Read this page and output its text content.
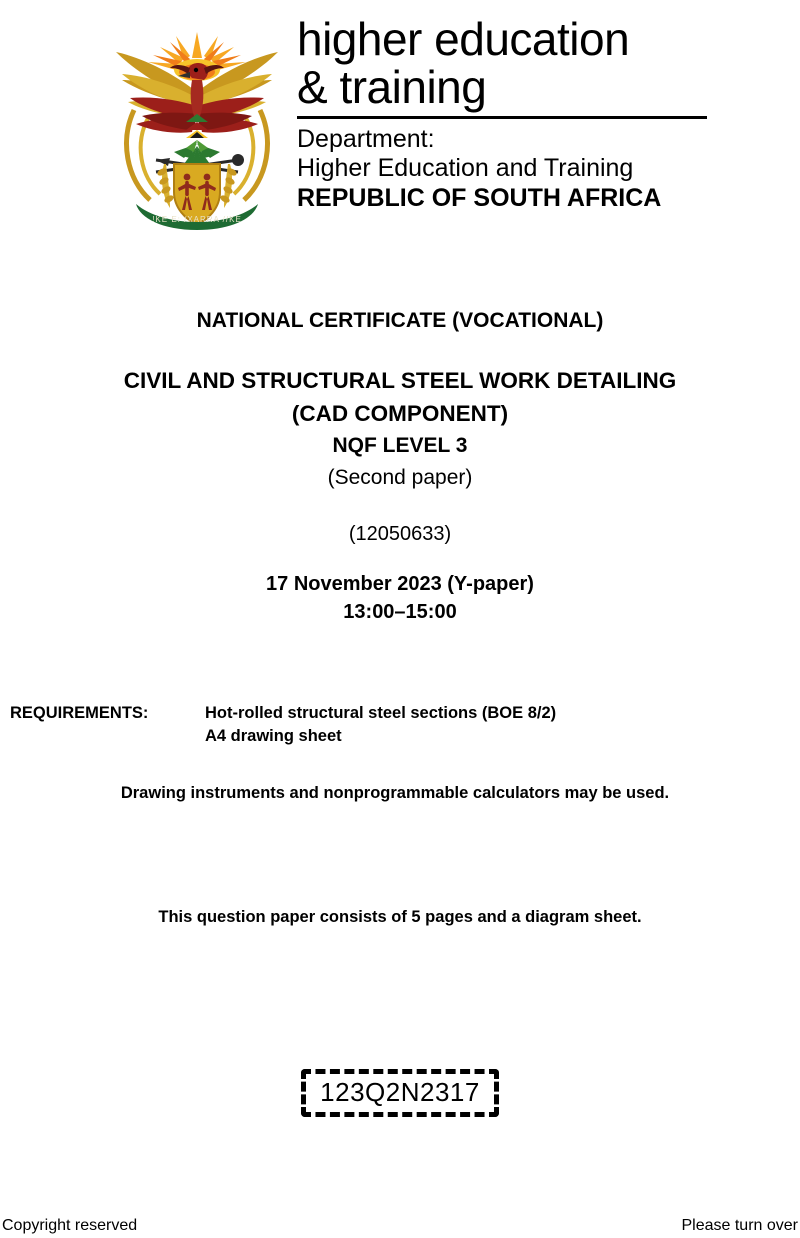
!KE E: /XARRA //KE
higher education
& training
Department:
Higher Education and Training
REPUBLIC OF SOUTH AFRICA
NATIONAL CERTIFICATE (VOCATIONAL)
CIVIL AND STRUCTURAL STEEL WORK DETAILING
(CAD COMPONENT)
NQF LEVEL 3
(Second paper)
(12050633)
17 November 2023 (Y-paper)
13:00–15:00
REQUIREMENTS:	Hot-rolled structural steel sections (BOE 8/2)
A4 drawing sheet
Drawing instruments and nonprogrammable calculators may be used.
This question paper consists of 5 pages and a diagram sheet.
123Q2N2317
Copyright reserved	Please turn over
